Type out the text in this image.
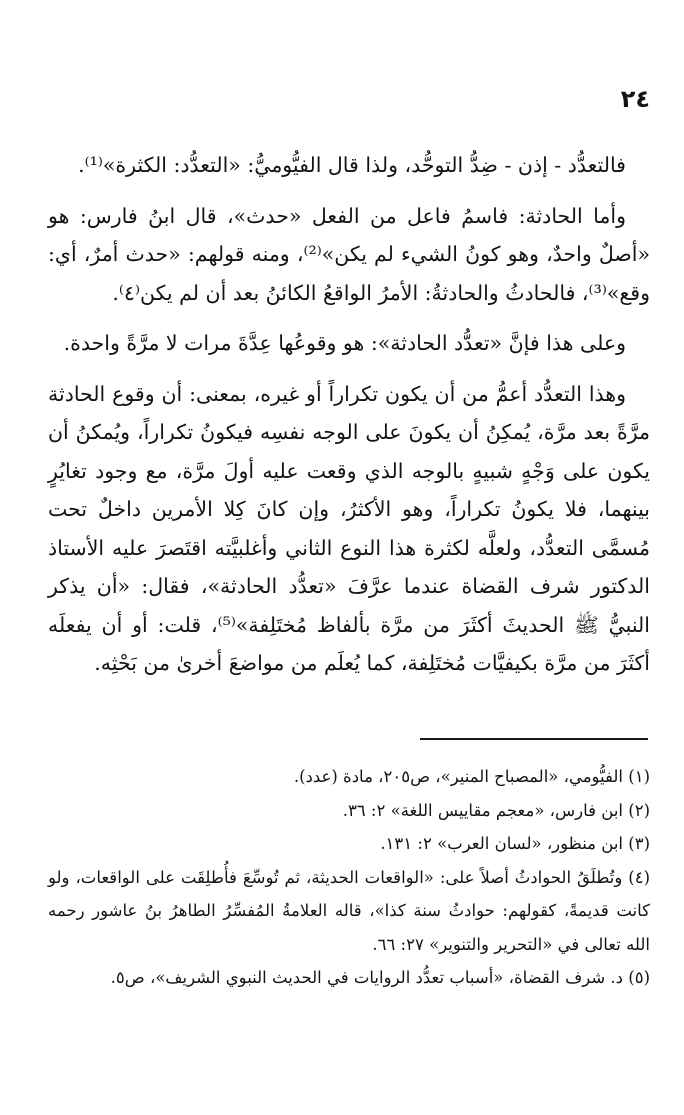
٢٤

فالتعدُّد - إذن - ضِدُّ التوحُّد، ولذا قال الفيُّوميُّ: «التعدُّد: الكثرة»⁽¹⁾.

وأما الحادثة: فاسمُ فاعل من الفعل «حدث»، قال ابنُ فارس: هو «أصلٌ واحدٌ، وهو كونُ الشيء لم يكن»⁽²⁾، ومنه قولهم: «حدث أمرٌ، أي: وقع»⁽³⁾، فالحادثُ والحادثةُ: الأمرُ الواقعُ الكائنُ بعد أن لم يكن⁽٤⁾.

وعلى هذا فإنَّ «تعدُّد الحادثة»: هو وقوعُها عِدَّةَ مرات لا مرَّةً واحدة.

وهذا التعدُّد أعمُّ من أن يكون تكراراً أو غيره، بمعنى: أن وقوع الحادثة مرَّةً بعد مرَّة، يُمكِنُ أن يكونَ على الوجه نفسِه فيكونُ تكراراً، ويُمكنُ أن يكون على وَجْهٍ شبيهٍ بالوجه الذي وقعت عليه أولَ مرَّة، مع وجود تغايُرٍ بينهما، فلا يكونُ تكراراً، وهو الأكثرُ، وإن كانَ كِلا الأمرين داخلٌ تحت مُسمَّى التعدُّد، ولعلَّه لكثرة هذا النوع الثاني وأغلبيَّته اقتَصرَ عليه الأستاذ الدكتور شرف القضاة عندما عرَّفَ «تعدُّد الحادثة»، فقال: «أن يذكر النبيُّ ﷺ الحديثَ أكثَرَ من مرَّة بألفاظ مُختَلِفة»⁽⁵⁾، قلت: أو أن يفعلَه أكثَرَ من مرَّة بكيفيَّات مُختَلِفة، كما يُعلَم من مواضعَ أخرىٰ من بَحْثِه.

(١) الفيُّومي، «المصباح المنير»، ص٢٠٥، مادة (عدد).

(٢) ابن فارس، «معجم مقاييس اللغة» ٢: ٣٦.

(٣) ابن منظور، «لسان العرب» ٢: ١٣١.

(٤) وتُطلَقُ الحوادثُ أصلاً على: «الواقعات الحديثة، ثم تُوسِّعَ فأُطلِقَت على الواقعات، ولو كانت قديمةً، كقولهم: حوادثُ سنة كذا»، قاله العلامةُ المُفسِّرُ الطاهرُ بنُ عاشور رحمه الله تعالى في «التحرير والتنوير» ٢٧: ٦٦.

(٥) د. شرف القضاة، «أسباب تعدُّد الروايات في الحديث النبوي الشريف»، ص٥.
